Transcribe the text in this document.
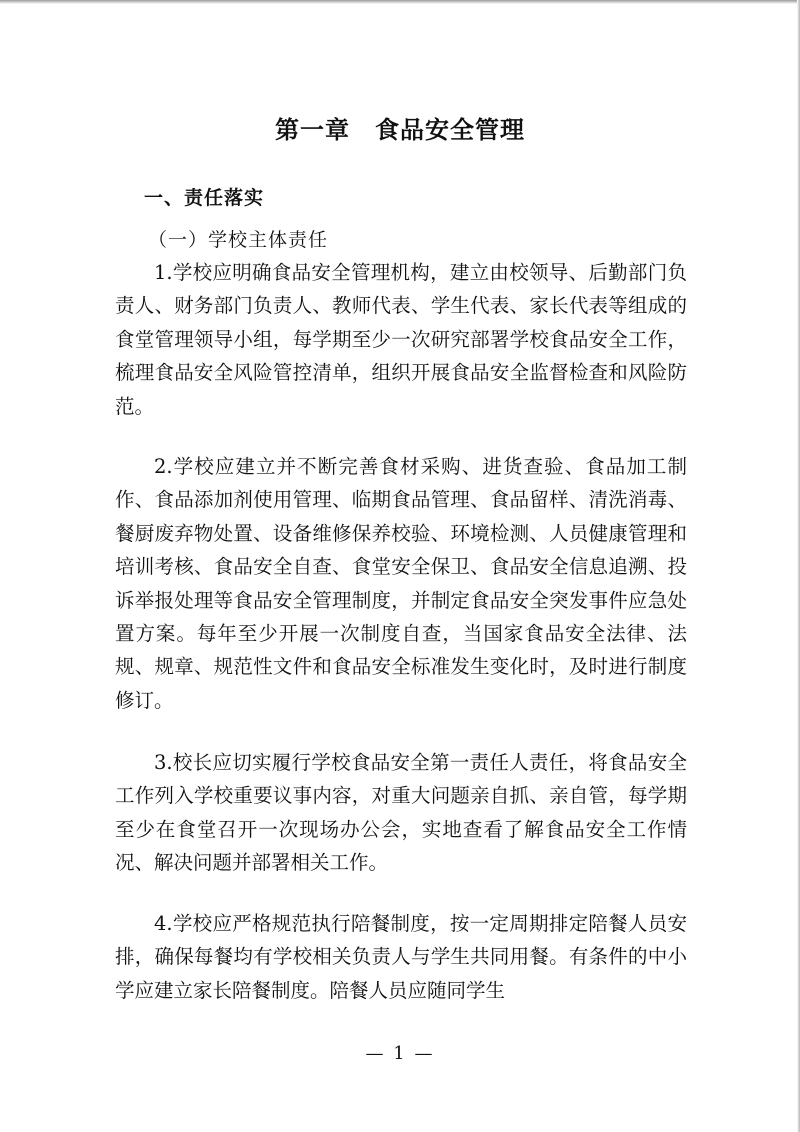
第一章　食品安全管理
一、责任落实
（一）学校主体责任

1.学校应明确食品安全管理机构，建立由校领导、后勤部门负责人、财务部门负责人、教师代表、学生代表、家长代表等组成的食堂管理领导小组，每学期至少一次研究部署学校食品安全工作，梳理食品安全风险管控清单，组织开展食品安全监督检查和风险防范。

2.学校应建立并不断完善食材采购、进货查验、食品加工制作、食品添加剂使用管理、临期食品管理、食品留样、清洗消毒、餐厨废弃物处置、设备维修保养校验、环境检测、人员健康管理和培训考核、食品安全自查、食堂安全保卫、食品安全信息追溯、投诉举报处理等食品安全管理制度，并制定食品安全突发事件应急处置方案。每年至少开展一次制度自查，当国家食品安全法律、法规、规章、规范性文件和食品安全标准发生变化时，及时进行制度修订。

3.校长应切实履行学校食品安全第一责任人责任，将食品安全工作列入学校重要议事内容，对重大问题亲自抓、亲自管，每学期至少在食堂召开一次现场办公会，实地查看了解食品安全工作情况、解决问题并部署相关工作。

4.学校应严格规范执行陪餐制度，按一定周期排定陪餐人员安排，确保每餐均有学校相关负责人与学生共同用餐。有条件的中小学应建立家长陪餐制度。陪餐人员应随同学生

— 1 —
